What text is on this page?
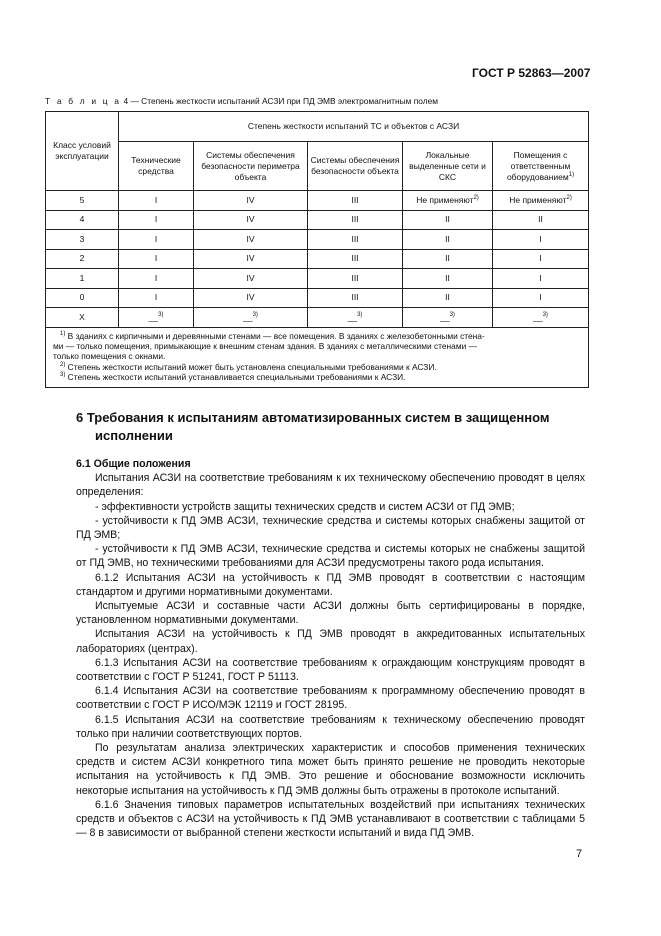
ГОСТ Р 52863—2007
Т а б л и ц а 4 — Степень жесткости испытаний АСЗИ при ПД ЭМВ электромагнитным полем
Класс условий эксплуатации	Степень жесткости испытаний ТС и объектов с АСЗИ				
	Технические средства	Системы обеспечения безопасности периметра объекта	Системы обеспечения безопасности объекта	Локальные выделенные сети и СКС	Помещения с ответственным оборудованием$^{1)}$
5	I	IV	III	Не применяют$^{2)}$	Не применяют$^{2)}$
4	I	IV	III	II	II
3	I	IV	III	II	I
2	I	IV	III	II	I
1	I	IV	III	II	I
0	I	IV	III	II	I
X	__$^{3)}$	__$^{3)}$	__$^{3)}$	__$^{3)}$	__$^{3)}$

$^{1)}$ В зданиях с кирпичными и деревянными стенами — все помещения. В зданиях с железобетонными стена-
ми — только помещения, примыкающие к внешним стенам здания. В зданиях с металлическими стенами —
только помещения с окнами.
$^{2)}$ Степень жесткости испытаний может быть установлена специальными требованиями к АСЗИ.
$^{3)}$ Степень жесткости испытаний устанавливается специальными требованиями к АСЗИ.					
6 Требования к испытаниям автоматизированных систем в защищенном
исполнении

6.1 Общие положения

Испытания АСЗИ на соответствие требованиям к их техническому обеспечению проводят в целях определения:

- эффективности устройств защиты технических средств и систем АСЗИ от ПД ЭМВ;

- устойчивости к ПД ЭМВ АСЗИ, технические средства и системы которых снабжены защитой от ПД ЭМВ;

- устойчивости к ПД ЭМВ АСЗИ, технические средства и системы которых не снабжены защитой от ПД ЭМВ, но техническими требованиями для АСЗИ предусмотрены такого рода испытания.

6.1.2 Испытания АСЗИ на устойчивость к ПД ЭМВ проводят в соответствии с настоящим стандартом и другими нормативными документами.

Испытуемые АСЗИ и составные части АСЗИ должны быть сертифицированы в порядке, установленном нормативными документами.

Испытания АСЗИ на устойчивость к ПД ЭМВ проводят в аккредитованных испытательных лабораториях (центрах).

6.1.3 Испытания АСЗИ на соответствие требованиям к ограждающим конструкциям проводят в соответствии с ГОСТ Р 51241, ГОСТ Р 51113.

6.1.4 Испытания АСЗИ на соответствие требованиям к программному обеспечению проводят в соответствии с ГОСТ Р ИСО/МЭК 12119 и ГОСТ 28195.

6.1.5 Испытания АСЗИ на соответствие требованиям к техническому обеспечению проводят только при наличии соответствующих портов.

По результатам анализа электрических характеристик и способов применения технических средств и систем АСЗИ конкретного типа может быть принято решение не проводить некоторые испытания на устойчивость к ПД ЭМВ. Это решение и обоснование возможности исключить некоторые испытания на устойчивость к ПД ЭМВ должны быть отражены в протоколе испытаний.

6.1.6 Значения типовых параметров испытательных воздействий при испытаниях технических средств и объектов с АСЗИ на устойчивость к ПД ЭМВ устанавливают в соответствии с таблицами 5 — 8 в зависимости от выбранной степени жесткости испытаний и вида ПД ЭМВ.

7
